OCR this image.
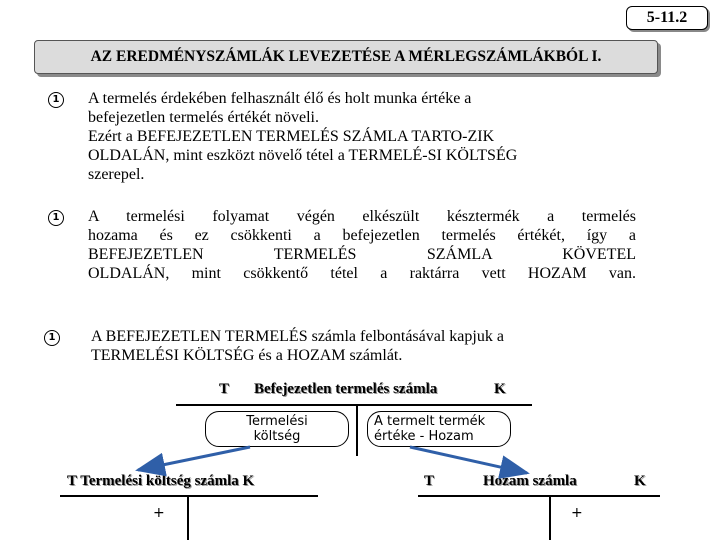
5-11.2
AZ EREDMÉNYSZÁMLÁK LEVEZETÉSE A MÉRLEGSZÁMLÁKBÓL I.
1 A termelés érdekében felhasznált élő és holt munka értéke a
befejezetlen termelés értékét növeli.
Ezért a BEFEJEZETLEN TERMELÉS SZÁMLA TARTO-ZIK
OLDALÁN, mint eszközt növelő tétel a TERMELÉ-SI KÖLTSÉG
szerepel.
1 A termelési folyamat végén elkészült késztermék a termelés
hozama és ez csökkenti a befejezetlen termelés értékét, így a
BEFEJEZETLEN TERMELÉS SZÁMLA KÖVETEL
OLDALÁN, mint csökkentő tétel a raktárra vett HOZAM van.
1 A BEFEJEZETLEN TERMELÉS számla felbontásával kapjuk a
TERMELÉSI KÖLTSÉG és a HOZAM számlát.
T Befejezetlen termelés számla	K
Termelési
költség
A termelt termék
értéke - Hozam
T Termelési költség számla K
+
T	Hozam számla	K
+
